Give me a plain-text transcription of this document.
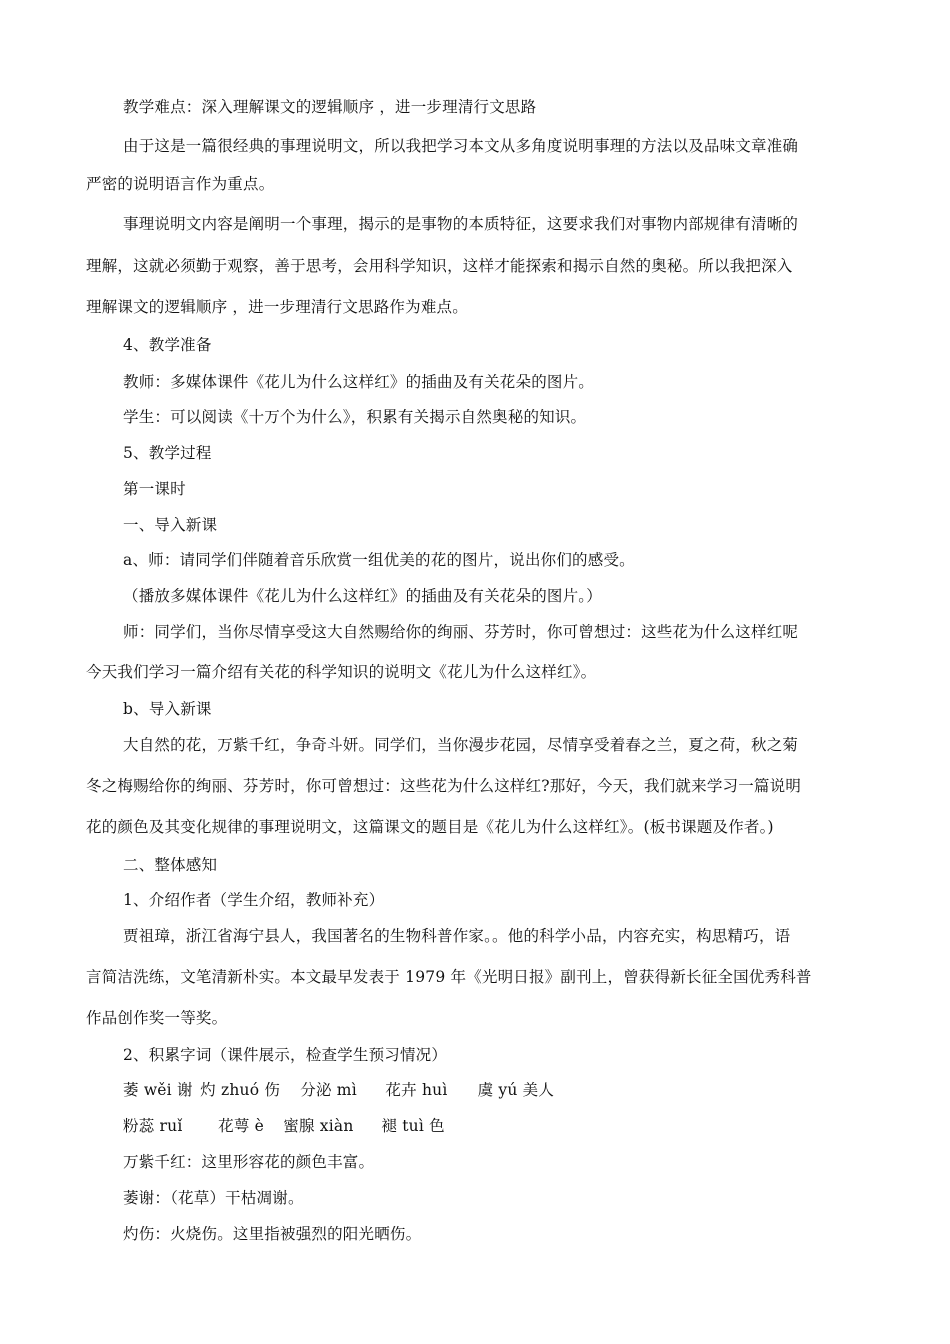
教学难点：深入理解课文的逻辑顺序 ，进一步理清行文思路
由于这是一篇很经典的事理说明文，所以我把学习本文从多角度说明事理的方法以及品味文章准确
严密的说明语言作为重点。
事理说明文内容是阐明一个事理，揭示的是事物的本质特征，这要求我们对事物内部规律有清晰的
理解，这就必须勤于观察，善于思考，会用科学知识，这样才能探索和揭示自然的奥秘。所以我把深入
理解课文的逻辑顺序 ，进一步理清行文思路作为难点。
4、教学准备
教师：多媒体课件《花儿为什么这样红》的插曲及有关花朵的图片。
学生：可以阅读《十万个为什么》，积累有关揭示自然奥秘的知识。
5、教学过程
第一课时
一、导入新课
a、师：请同学们伴随着音乐欣赏一组优美的花的图片，说出你们的感受。
（播放多媒体课件《花儿为什么这样红》的插曲及有关花朵的图片。）
师：同学们，当你尽情享受这大自然赐给你的绚丽、芬芳时，你可曾想过：这些花为什么这样红呢
今天我们学习一篇介绍有关花的科学知识的说明文《花儿为什么这样红》。
b、导入新课
大自然的花，万紫千红，争奇斗妍。同学们，当你漫步花园，尽情享受着春之兰，夏之荷，秋之菊
冬之梅赐给你的绚丽、芬芳时，你可曾想过：这些花为什么这样红?那好，今天，我们就来学习一篇说明
花的颜色及其变化规律的事理说明文，这篇课文的题目是《花儿为什么这样红》。(板书课题及作者。)
二、整体感知
1、介绍作者（学生介绍，教师补充）
贾祖璋，浙江省海宁县人，我国著名的生物科普作家。。他的科学小品，内容充实，构思精巧，语
言简洁洗练，文笔清新朴实。本文最早发表于 1979 年《光明日报》副刊上，曾获得新长征全国优秀科普
作品创作奖一等奖。
2、积累字词（课件展示，检查学生预习情况）
萎 wěi 谢 灼 zhuó 伤 分泌 mì 花卉 huì 虞 yú 美人
粉蕊 ruǐ 花萼 è 蜜腺 xiàn 褪 tuì 色
万紫千红：这里形容花的颜色丰富。
萎谢：（花草）干枯凋谢。
灼伤：火烧伤。这里指被强烈的阳光晒伤。
